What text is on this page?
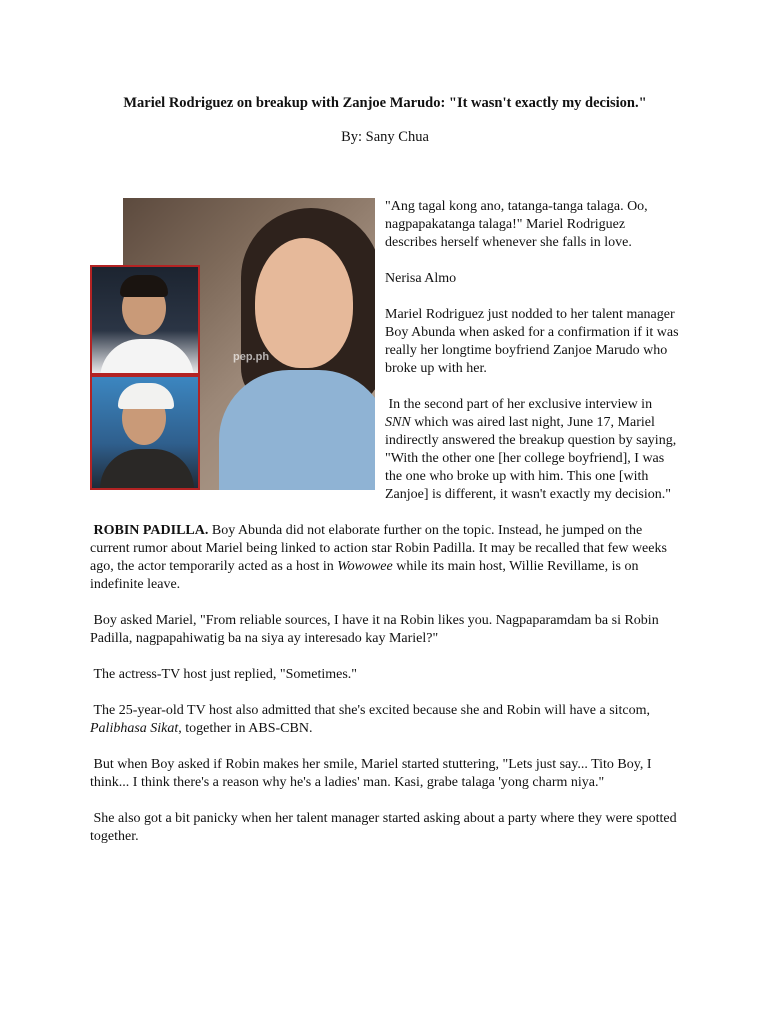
Mariel Rodriguez on breakup with Zanjoe Marudo: "It wasn't exactly my decision."
By: Sany Chua
pep.ph

"Ang tagal kong ano, tatanga-tanga talaga. Oo, nagpapakatanga talaga!" Mariel Rodriguez describes herself whenever she falls in love.

Nerisa Almo

Mariel Rodriguez just nodded to her talent manager Boy Abunda when asked for a confirmation if it was really her longtime boyfriend Zanjoe Marudo who broke up with her.

In the second part of her exclusive interview in SNN which was aired last night, June 17, Mariel indirectly answered the breakup question by saying, "With the other one [her college boyfriend], I was the one who broke up with him. This one [with Zanjoe] is different, it wasn't exactly my decision."

ROBIN PADILLA. Boy Abunda did not elaborate further on the topic. Instead, he jumped on the current rumor about Mariel being linked to action star Robin Padilla. It may be recalled that few weeks ago, the actor temporarily acted as a host in Wowowee while its main host, Willie Revillame, is on indefinite leave.

Boy asked Mariel, "From reliable sources, I have it na Robin likes you. Nagpaparamdam ba si Robin Padilla, nagpapahiwatig ba na siya ay interesado kay Mariel?"

The actress-TV host just replied, "Sometimes."

The 25-year-old TV host also admitted that she's excited because she and Robin will have a sitcom, Palibhasa Sikat, together in ABS-CBN.

But when Boy asked if Robin makes her smile, Mariel started stuttering, "Lets just say... Tito Boy, I think... I think there's a reason why he's a ladies' man. Kasi, grabe talaga 'yong charm niya."

She also got a bit panicky when her talent manager started asking about a party where they were spotted together.
